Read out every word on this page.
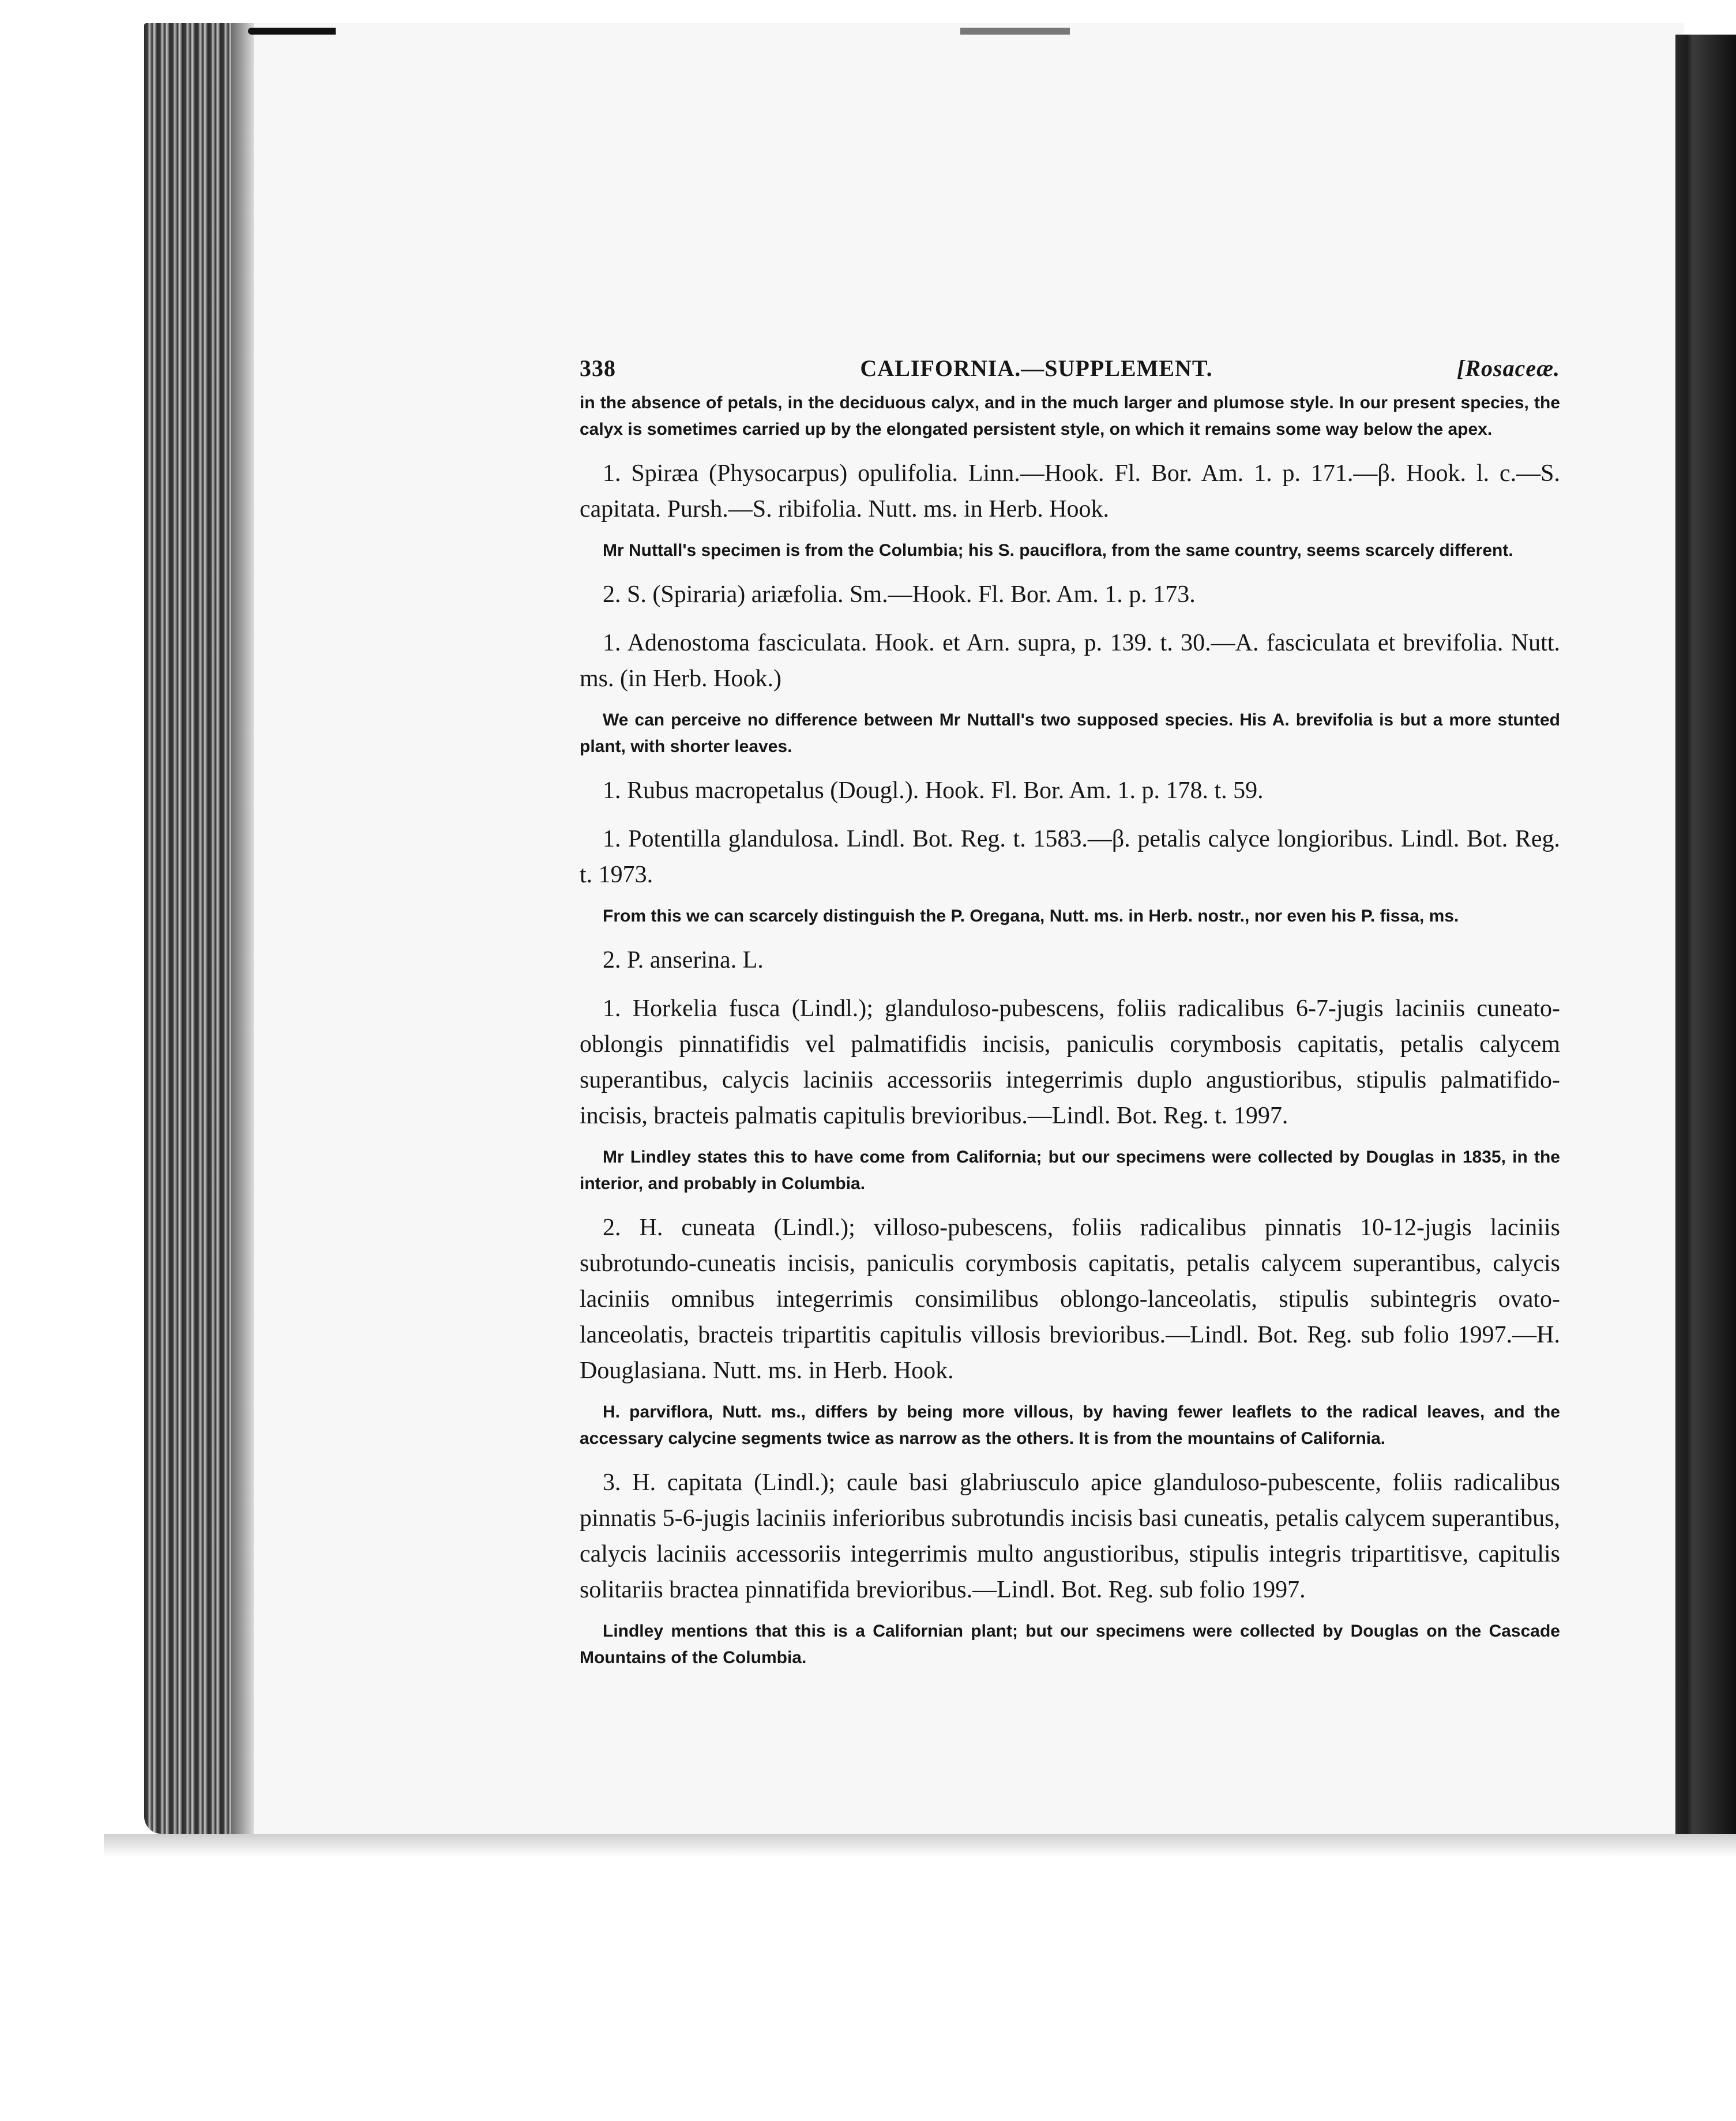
338	CALIFORNIA.—SUPPLEMENT.	[Rosaceæ.

in the absence of petals, in the deciduous calyx, and in the much larger and plumose style. In our present species, the calyx is sometimes carried up by the elongated persistent style, on which it remains some way below the apex.

1. Spiræa (Physocarpus) opulifolia. Linn.—Hook. Fl. Bor. Am. 1. p. 171.—β. Hook. l. c.—S. capitata. Pursh.—S. ribifolia. Nutt. ms. in Herb. Hook.

Mr Nuttall's specimen is from the Columbia; his S. pauciflora, from the same country, seems scarcely different.

2. S. (Spiraria) ariæfolia. Sm.—Hook. Fl. Bor. Am. 1. p. 173.

1. Adenostoma fasciculata. Hook. et Arn. supra, p. 139. t. 30.—A. fasciculata et brevifolia. Nutt. ms. (in Herb. Hook.)

We can perceive no difference between Mr Nuttall's two supposed species. His A. brevifolia is but a more stunted plant, with shorter leaves.

1. Rubus macropetalus (Dougl.). Hook. Fl. Bor. Am. 1. p. 178. t. 59.

1. Potentilla glandulosa. Lindl. Bot. Reg. t. 1583.—β. petalis calyce longioribus. Lindl. Bot. Reg. t. 1973.

From this we can scarcely distinguish the P. Oregana, Nutt. ms. in Herb. nostr., nor even his P. fissa, ms.

2. P. anserina. L.

1. Horkelia fusca (Lindl.); glanduloso-pubescens, foliis radicalibus 6-7-jugis laciniis cuneato-oblongis pinnatifidis vel palmatifidis incisis, paniculis corymbosis capitatis, petalis calycem superantibus, calycis laciniis accessoriis integerrimis duplo angustioribus, stipulis palmatifido-incisis, bracteis palmatis capitulis brevioribus.—Lindl. Bot. Reg. t. 1997.

Mr Lindley states this to have come from California; but our specimens were collected by Douglas in 1835, in the interior, and probably in Columbia.

2. H. cuneata (Lindl.); villoso-pubescens, foliis radicalibus pinnatis 10-12-jugis laciniis subrotundo-cuneatis incisis, paniculis corymbosis capitatis, petalis calycem superantibus, calycis laciniis omnibus integerrimis consimilibus oblongo-lanceolatis, stipulis subintegris ovato-lanceolatis, bracteis tripartitis capitulis villosis brevioribus.—Lindl. Bot. Reg. sub folio 1997.—H. Douglasiana. Nutt. ms. in Herb. Hook.

H. parviflora, Nutt. ms., differs by being more villous, by having fewer leaflets to the radical leaves, and the accessary calycine segments twice as narrow as the others. It is from the mountains of California.

3. H. capitata (Lindl.); caule basi glabriusculo apice glanduloso-pubescente, foliis radicalibus pinnatis 5-6-jugis laciniis inferioribus subrotundis incisis basi cuneatis, petalis calycem superantibus, calycis laciniis accessoriis integerrimis multo angustioribus, stipulis integris tripartitisve, capitulis solitariis bractea pinnatifida brevioribus.—Lindl. Bot. Reg. sub folio 1997.

Lindley mentions that this is a Californian plant; but our specimens were collected by Douglas on the Cascade Mountains of the Columbia.
